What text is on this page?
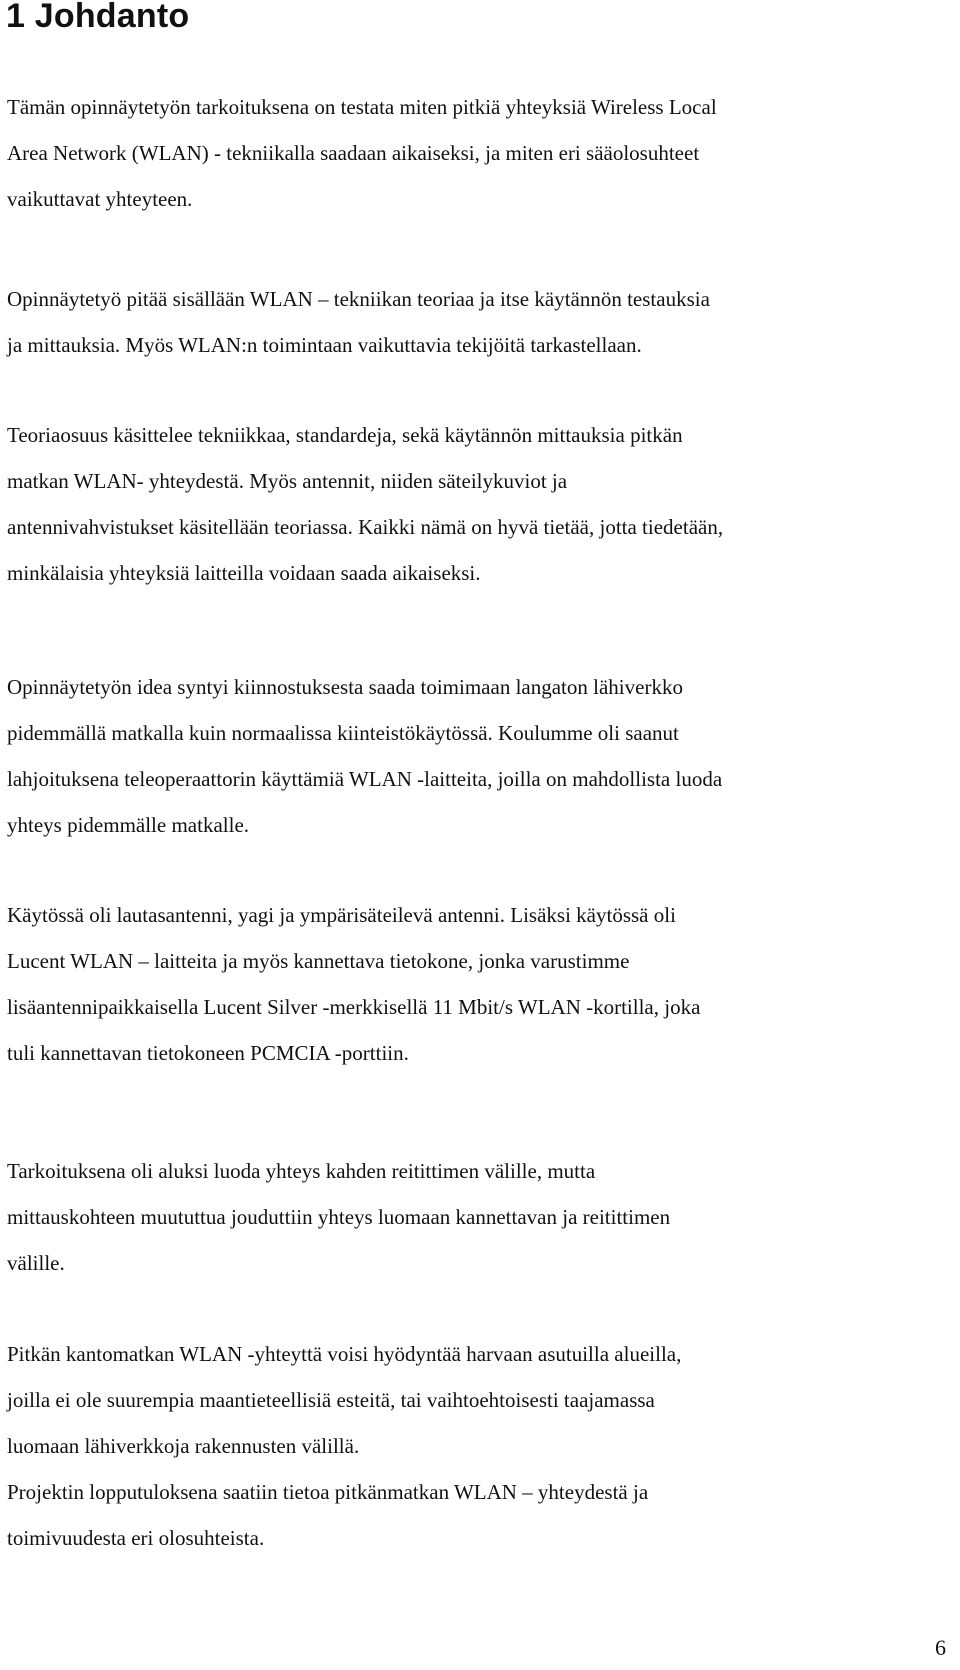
1 Johdanto

Tämän opinnäytetyön tarkoituksena on testata miten pitkiä yhteyksiä Wireless Local
Area Network (WLAN) - tekniikalla saadaan aikaiseksi, ja miten eri sääolosuhteet
vaikuttavat yhteyteen.

Opinnäytetyö pitää sisällään WLAN – tekniikan teoriaa ja itse käytännön testauksia
ja mittauksia. Myös WLAN:n toimintaan vaikuttavia tekijöitä tarkastellaan.

Teoriaosuus käsittelee tekniikkaa, standardeja, sekä käytännön mittauksia pitkän
matkan WLAN- yhteydestä. Myös antennit, niiden säteilykuviot ja
antennivahvistukset käsitellään teoriassa. Kaikki nämä on hyvä tietää, jotta tiedetään,
minkälaisia yhteyksiä laitteilla voidaan saada aikaiseksi.

Opinnäytetyön idea syntyi kiinnostuksesta saada toimimaan langaton lähiverkko
pidemmällä matkalla kuin normaalissa kiinteistökäytössä. Koulumme oli saanut
lahjoituksena teleoperaattorin käyttämiä WLAN -laitteita, joilla on mahdollista luoda
yhteys pidemmälle matkalle.

Käytössä oli lautasantenni, yagi ja ympärisäteilevä antenni. Lisäksi käytössä oli
Lucent WLAN – laitteita ja myös kannettava tietokone, jonka varustimme
lisäantennipaikkaisella Lucent Silver -merkkisellä 11 Mbit/s WLAN -kortilla, joka
tuli kannettavan tietokoneen PCMCIA -porttiin.

Tarkoituksena oli aluksi luoda yhteys kahden reitittimen välille, mutta
mittauskohteen muututtua jouduttiin yhteys luomaan kannettavan ja reitittimen
välille.

Pitkän kantomatkan WLAN -yhteyttä voisi hyödyntää harvaan asutuilla alueilla,
joilla ei ole suurempia maantieteellisiä esteitä, tai vaihtoehtoisesti taajamassa
luomaan lähiverkkoja rakennusten välillä.

Projektin lopputuloksena saatiin tietoa pitkänmatkan WLAN – yhteydestä ja
toimivuudesta eri olosuhteista.

6
